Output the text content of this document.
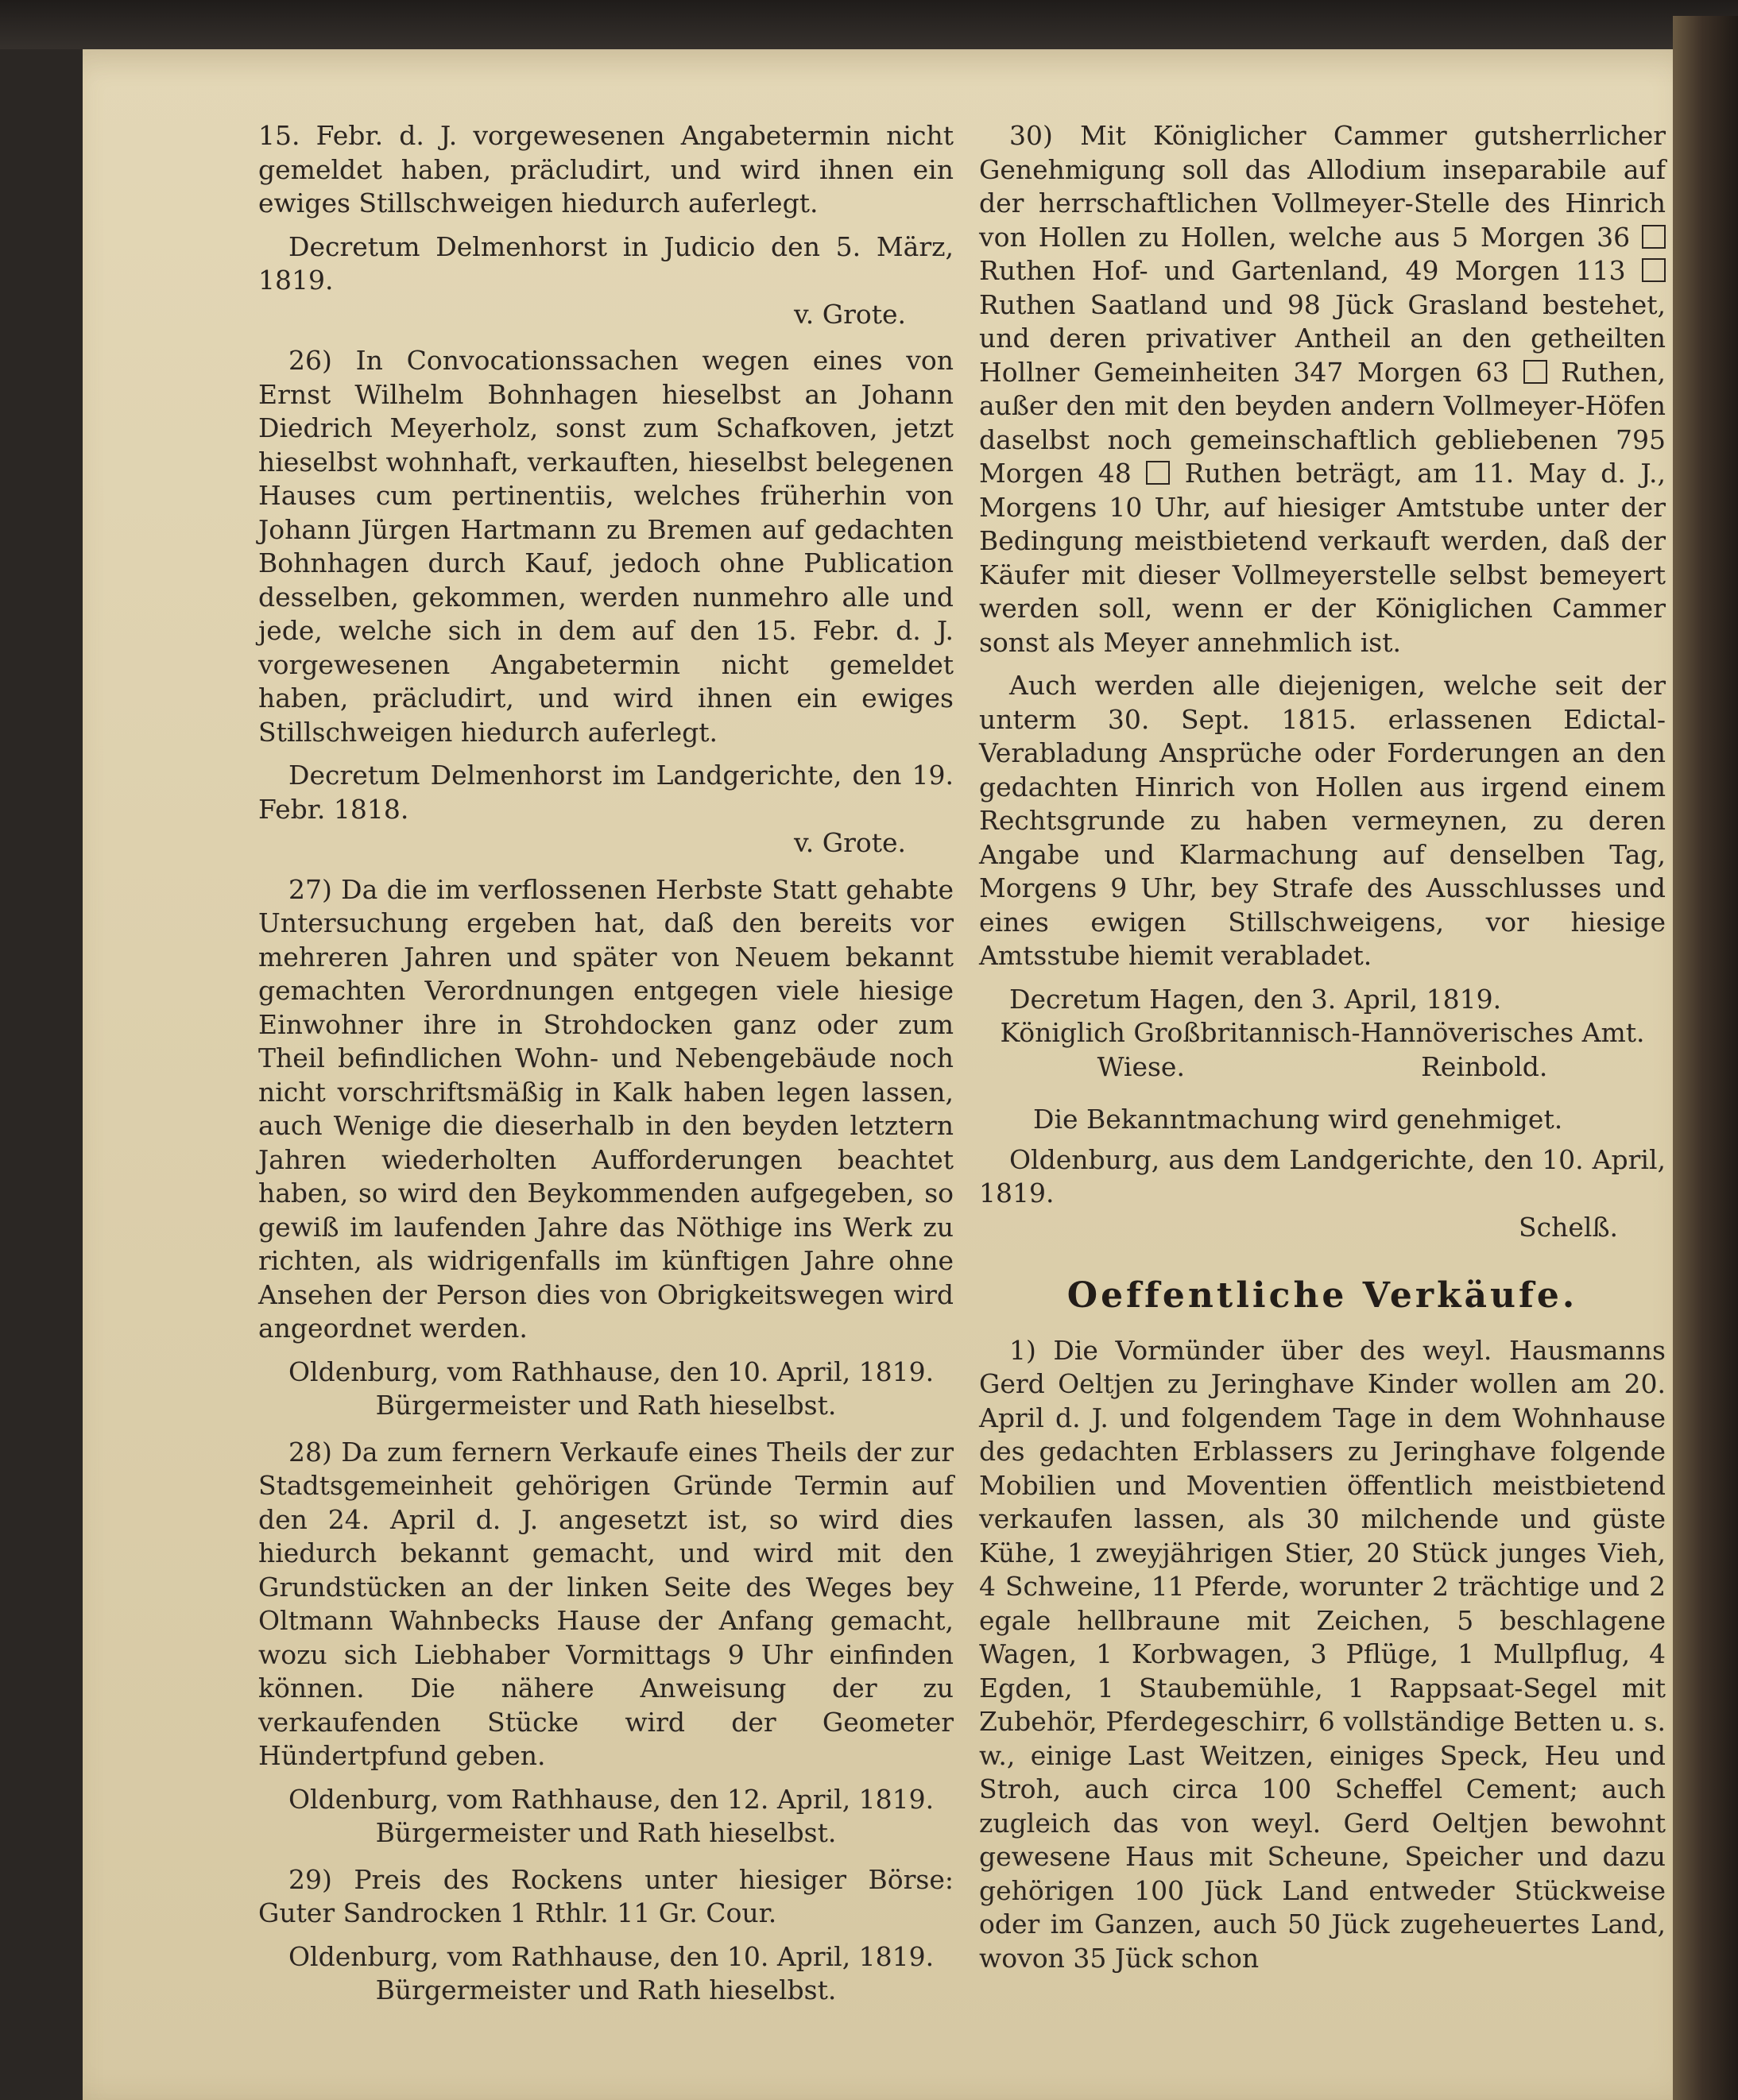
15. Febr. d. J. vorgewesenen Angabetermin nicht gemeldet haben, präcludirt, und wird ihnen ein ewiges Stillschweigen hiedurch auferlegt.

Decretum Delmenhorst in Judicio den 5. März, 1819.

v. Grote.

26) In Convocationssachen wegen eines von Ernst Wilhelm Bohnhagen hieselbst an Johann Diedrich Meyerholz, sonst zum Schafkoven, jetzt hieselbst wohnhaft, verkauften, hieselbst belegenen Hauses cum pertinentiis, welches früherhin von Johann Jürgen Hartmann zu Bremen auf gedachten Bohnhagen durch Kauf, jedoch ohne Publication desselben, gekommen, werden nunmehro alle und jede, welche sich in dem auf den 15. Febr. d. J. vorgewesenen Angabetermin nicht gemeldet haben, präcludirt, und wird ihnen ein ewiges Stillschweigen hiedurch auferlegt.

Decretum Delmenhorst im Landgerichte, den 19. Febr. 1818.

v. Grote.

27) Da die im verflossenen Herbste Statt gehabte Untersuchung ergeben hat, daß den bereits vor mehreren Jahren und später von Neuem bekannt gemachten Verordnungen entgegen viele hiesige Einwohner ihre in Strohdocken ganz oder zum Theil befindlichen Wohn- und Nebengebäude noch nicht vorschriftsmäßig in Kalk haben legen lassen, auch Wenige die dieserhalb in den beyden letztern Jahren wiederholten Aufforderungen beachtet haben, so wird den Beykommenden aufgegeben, so gewiß im laufenden Jahre das Nöthige ins Werk zu richten, als widrigenfalls im künftigen Jahre ohne Ansehen der Person dies von Obrigkeitswegen wird angeordnet werden.

Oldenburg, vom Rathhause, den 10. April, 1819.

Bürgermeister und Rath hieselbst.

28) Da zum fernern Verkaufe eines Theils der zur Stadtsgemeinheit gehörigen Gründe Termin auf den 24. April d. J. angesetzt ist, so wird dies hiedurch bekannt gemacht, und wird mit den Grundstücken an der linken Seite des Weges bey Oltmann Wahnbecks Hause der Anfang gemacht, wozu sich Liebhaber Vormittags 9 Uhr einfinden können. Die nähere Anweisung der zu verkaufenden Stücke wird der Geometer Hündertpfund geben.

Oldenburg, vom Rathhause, den 12. April, 1819.

Bürgermeister und Rath hieselbst.

29) Preis des Rockens unter hiesiger Börse: Guter Sandrocken 1 Rthlr. 11 Gr. Cour.

Oldenburg, vom Rathhause, den 10. April, 1819.

Bürgermeister und Rath hieselbst.

30) Mit Königlicher Cammer gutsherrlicher Genehmigung soll das Allodium inseparabile auf der herrschaftlichen Vollmeyer-Stelle des Hinrich von Hollen zu Hollen, welche aus 5 Morgen 36  Ruthen Hof- und Gartenland, 49 Morgen 113  Ruthen Saatland und 98 Jück Grasland bestehet, und deren privativer Antheil an den getheilten Hollner Gemeinheiten 347 Morgen 63 Ruthen, außer den mit den beyden andern Vollmeyer-Höfen daselbst noch gemeinschaftlich gebliebenen 795 Morgen 48 Ruthen beträgt, am 11. May d. J., Morgens 10 Uhr, auf hiesiger Amtstube unter der Bedingung meistbietend verkauft werden, daß der Käufer mit dieser Vollmeyerstelle selbst bemeyert werden soll, wenn er der Königlichen Cammer sonst als Meyer annehmlich ist.

Auch werden alle diejenigen, welche seit der unterm 30. Sept. 1815. erlassenen Edictal-Verabladung Ansprüche oder Forderungen an den gedachten Hinrich von Hollen aus irgend einem Rechtsgrunde zu haben vermeynen, zu deren Angabe und Klarmachung auf denselben Tag, Morgens 9 Uhr, bey Strafe des Ausschlusses und eines ewigen Stillschweigens, vor hiesige Amtsstube hiemit verabladet.

Decretum Hagen, den 3. April, 1819.

Königlich Großbritannisch-Hannöverisches Amt.

Wiese.	Reinbold.

Die Bekanntmachung wird genehmiget.

Oldenburg, aus dem Landgerichte, den 10. April, 1819.

Schelß.

Oeffentliche Verkäufe.

1) Die Vormünder über des weyl. Hausmanns Gerd Oeltjen zu Jeringhave Kinder wollen am 20. April d. J. und folgendem Tage in dem Wohnhause des gedachten Erblassers zu Jeringhave folgende Mobilien und Moventien öffentlich meistbietend verkaufen lassen, als 30 milchende und güste Kühe, 1 zweyjährigen Stier, 20 Stück junges Vieh, 4 Schweine, 11 Pferde, worunter 2 trächtige und 2 egale hellbraune mit Zeichen, 5 beschlagene Wagen, 1 Korbwagen, 3 Pflüge, 1 Mullpflug, 4 Egden, 1 Staubemühle, 1 Rappsaat-Segel mit Zubehör, Pferdegeschirr, 6 vollständige Betten u. s. w., einige Last Weitzen, einiges Speck, Heu und Stroh, auch circa 100 Scheffel Cement; auch zugleich das von weyl. Gerd Oeltjen bewohnt gewesene Haus mit Scheune, Speicher und dazu gehörigen 100 Jück Land entweder Stückweise oder im Ganzen, auch 50 Jück zugeheuertes Land, wovon 35 Jück schon
